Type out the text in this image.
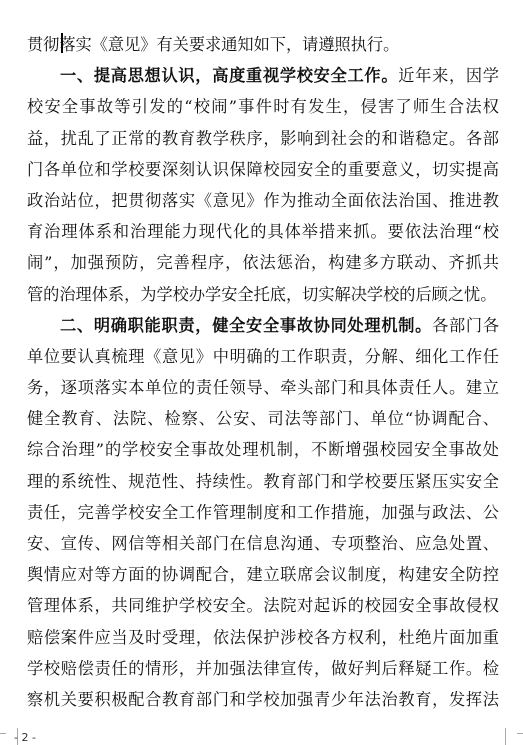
贯彻落实《意见》有关要求通知如下，请遵照执行。
一、提高思想认识，高度重视学校安全工作。近年来，因学
校安全事故等引发的“校闹”事件时有发生，侵害了师生合法权
益，扰乱了正常的教育教学秩序，影响到社会的和谐稳定。各部
门各单位和学校要深刻认识保障校园安全的重要意义，切实提高
政治站位，把贯彻落实《意见》作为推动全面依法治国、推进教
育治理体系和治理能力现代化的具体举措来抓。要依法治理“校
闹”，加强预防，完善程序，依法惩治，构建多方联动、齐抓共
管的治理体系，为学校办学安全托底，切实解决学校的后顾之忧。
二、明确职能职责，健全安全事故协同处理机制。各部门各
单位要认真梳理《意见》中明确的工作职责，分解、细化工作任
务，逐项落实本单位的责任领导、牵头部门和具体责任人。建立
健全教育、法院、检察、公安、司法等部门、单位“协调配合、
综合治理”的学校安全事故处理机制，不断增强校园安全事故处
理的系统性、规范性、持续性。教育部门和学校要压紧压实安全
责任，完善学校安全工作管理制度和工作措施，加强与政法、公
安、宣传、网信等相关部门在信息沟通、专项整治、应急处置、
舆情应对等方面的协调配合，建立联席会议制度，构建安全防控
管理体系，共同维护学校安全。法院对起诉的校园安全事故侵权
赔偿案件应当及时受理，依法保护涉校各方权利，杜绝片面加重
学校赔偿责任的情形，并加强法律宣传，做好判后释疑工作。检
察机关要积极配合教育部门和学校加强青少年法治教育，发挥法
- 2 -
